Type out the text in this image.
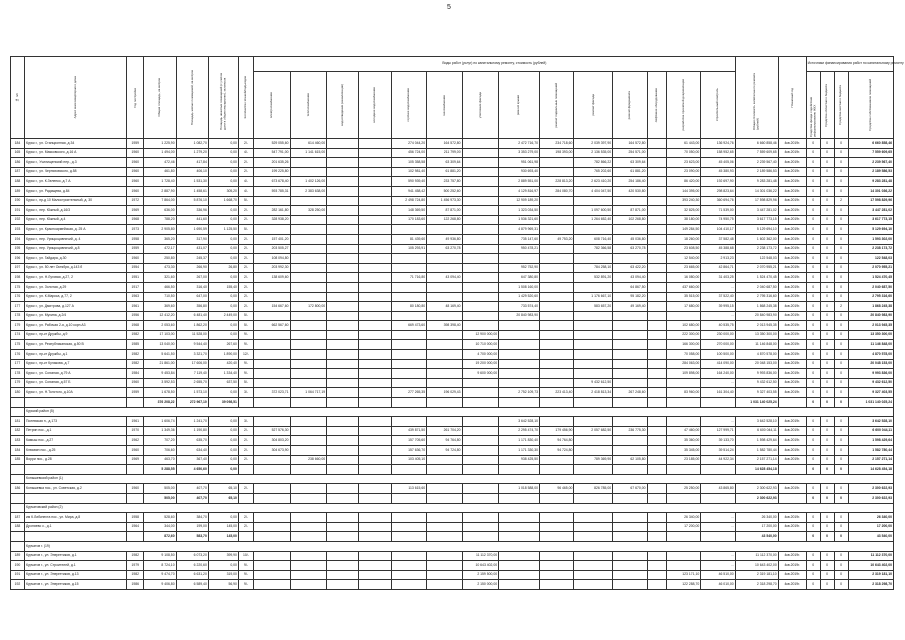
5
№ п/п	Адрес многоквартирного дома	Год постройки	Общая площадь, кв.метров	Площадь жилых помещений, кв.метров	Площадь нежилых помещений (с учетом доли в общем имуществе), кв.метров	Количество этажей/подъездов	Виды работ (услуг) по капитальному ремонту, стоимость (рублей)														Общая стоимость капитального ремонта (рублей)	Плановый год	Источники финансирования работ по капитальному ремонту			

							электроснабжение	теплоснабжение	водоотведение (канализация)	холодное водоснабжение	горячее водоснабжение	газоснабжение	утепление фасада	ремонт крыши	ремонт подвальных помещений	ремонт фасада	ремонт фундамента	лифтовое оборудование	разработка проектной документации	строительный контроль			Средства фонда содействия реформированию ЖКХ	Средства областного бюджета	Средства местного бюджета	Средства собственников помещений

184	Курск г., ул. Станционная, д.34	1959	1 225,90	1 082,70	0,00	2/-	529 055,60	614 460,00			274 044,20	164 572,80		2 472 716,70	234 718,60	2 039 397,90	164 572,80		61 443,00	136 924,76	6 660 858,46	4кв.2019г.	0	0	0	6 660 858,46
165	Курск г., ул. Маяковского, д.16 А	1960	1 494,00	1 279,20	0,00	4/-	547 791,00	1 141 615,00			456 724,00	211 799,00		3 353 279,00	198 393,00	2 136 535,00	254 571,00		70 050,00	158 952,65	7 559 609,65	4кв.2019г.	0	0	0	7 559 609,65
186	Курск г., Училищенский пер., д.3	1960	472,46	417,84	0,00	2/-	201 635,26				105 358,58	63 309,64		951 061,98		782 866,22	63 309,64		23 623,00	45 405,06	2 239 567,40	4кв.2019г.	0	0	0	2 239 567,40
187	Курск г., ул. Черняховского, д.58	1960	461,80	406,10	0,00	2/-	199 225,80				102 981,40	61 881,20		930 693,40		765 202,60	61 881,20		23 090,00	45 380,93	2 189 586,53	4кв.2019г.	0	0	0	2 189 586,53
188	Курск г., ул. К.Зеленко, д.7 А	1960	1 728,40	1 531,30	0,00	4/-	673 678,40	1 402 126,00			590 939,40	233 757,80		2 889 551,00	228 813,20	2 623 410,20	254 186,40		86 420,00	192 697,90	9 283 281,48	4кв.2019г.	0	0	0	9 283 281,48
189	Курск г., ул. Радищева, д.84	1960	2 887,90	1 458,61	305,20	4/-	593 785,31	2 383 638,00			941 458,42	500 252,60		4 129 816,97	284 080,70	4 404 047,50	420 530,80		144 395,00	298 823,64	14 301 036,22	4кв.2019г.	0	0	0	14 301 036,22
190	Курск г., пр-д 10 Малостроительный, д. 30	1972	7 864,00	5 876,10	1 668,70	5/-					2 498 724,80	1 456 973,30		12 909 189,20					393 240,30	360 694,76	17 598 829,96	4кв.2019г.	0	0	2	17 598 829,96
191	Курск г., пер. Южный, д.16/3	1969	636,00	336,96	0,00	2/-	282 161,80	328 250,00			148 369,50	87 871,00		1 323 034,50		1 097 600,50	87 871,00		32 825,00	71 539,00	3 447 281,02	4кв.2019г.	0	0	0	3 447 281,02
192	Курск г., пер. Южный, д.4	1968	788,20	441,60	0,00	2/-	328 938,20				170 183,60	122 268,80		1 536 321,60		1 264 652,40	102 268,80		38 180,00	74 950,75	3 617 773,15	4кв.2019г.	0	0	0	3 617 773,15
193	Курск г., ул. Красноармейская, д. 25 А	1973	2 905,80	1 690,59	1 125,50	5/-								4 879 969,31					149 284,50	104 410,17	5 129 694,10	4кв.2019г.	0	0	0	5 129 694,10
194	Курск г., пер. Урицкоцовничий, д. 4	1958	365,20	317,90	0,00	2/-	157 401,20				81 439,60	49 936,80		735 147,60	49 753,20	608 716,40	45 036,80		18 260,00	37 582,48	1 602 362,00	4кв.2019г.	0	0	0	1 593 302,00
195	Курск г., пер. Урицкоцовничий, д.8	1959	472,17	431,07	0,00	2/-	203 505,27				105 293,91	63 270,78		950 478,21		782 366,58	63 270,78		23 608,50	45 388,68	2 238 173,72	4кв.2019г.	0	0	0	2 238 173,72
196	Курск г., ул. Гайдара, д.30	1960	250,80	245,37	0,00	2/-	108 094,80												12 540,00	2 913,23	122 548,03	4кв.2019г.	0	0	0	122 548,03
197	Курск г., ул. 50 лет Октября, д.143 б	1954	473,30	266,90	26,80	2/-	203 992,30							952 752,90		784 258,10	63 422,20		23 665,00	42 864,71	2 070 955,21	4кв.2019г.	0	0	0	2 070 955,21
198	Курск г., ул. Н.Луговая, д.27, 2	1951	321,60	267,00	0,00	2/-	138 609,60				71 716,80	43 094,40		647 380,80		532 891,20	43 094,40		16 080,00	31 403,25	1 524 470,45	4кв.2019г.	0	0	0	1 524 470,45
175	Курск г., ул. Золотая, д.29	1917	466,50	316,40	155,40	2/-								1 508 160,00			64 867,50		437 660,00	...	2 040 687,50	4кв.2019г.	0	0	0	2 040 687,50
176	Курск г., ул. К.Маркса, д.77, 2	1963	710,50	647,00	0,00	2/-								1 429 520,60		1 176 667,10	95 182,20		35 515,00	37 522,40	2 795 316,60	4кв.2019г.	0	0	0	2 795 316,60
177	Курск г., ул. Дмитрова, д.127 А	1961	369,60	356,80	0,00	2/-	154 667,60	172 800,00			80 180,80	48 169,40		733 574,40		583 657,20	49 169,40		17 680,00	39 995,15	1 868 245,38	4кв.2019г.	0	0	2	1 868 245,38
178	Курск г., ул. Мухина, д.2/4	1956	12 412,20	6 481,40	2 449,00	5/-								20 840 983,90						...	20 840 983,90	4кв.2019г.	0	0	0	20 840 983,90
179	Курск г., ул. Рабочая 2-я, д.10 корп.А3	1968	2 053,60	1 862,20	0,00	5/-	662 567,60				669 473,60	398 398,40							102 680,00	40 535,75	2 013 945,35	4кв.2019г.	0	0	0	2 013 945,35
174	Курск г., пр-кт Дружбы, д.9	1982	17 103,00	11 528,00	0,00	9/-							12 900 000,00						222 300,00	230 000,00	13 350 300,00	4кв.2019г.	0	0	0	13 350 300,00
175	Курск г., ул. Республиканская, д.50 В	1985	13 040,00	9 544,40	267,60	9/-							10 710 000,00						166 300,00	270 000,00	11 146 848,00	4кв.2019г.	0	0	0	11 146 848,00
176	Курск г., пр-кт Дружбы, д.1	1982	5 641,50	3 321,70	1 890,00	12/-							4 700 000,00						70 058,00	100 500,00	4 870 578,00	4кв.2019г.	0	0	0	4 870 578,00
177	Курск г., пр-кт Кулакова, д.7	1982	21 861,00	17 606,00	420,40	9/-							19 200 000,00						284 063,00	414 090,00	20 048 153,00	4кв.2019г.	0	0	0	20 048 153,00
178	Курск г., ул. Союзная, д.79 А	1984	9 453,84	7 119,40	1 334,40	9/-							9 600 000,00						109 898,00	164 240,00	9 993 836,00	4кв.2019г.	0	0	0	9 993 836,00
179	Курск г., ул. Союзная, д.57 Б	1960	3 592,53	2 655,70	637,50	5/-										9 432 612,50				...	9 432 612,50	4кв.2019г.	0	0	0	9 432 612,50
180	Курск г., ул. Н.Толстого, д.10А	1959	1 678,50	1 573,10	0,00	3/-	372 023,71	1 064 717,19			277 265,35	196 029,43		2 752 109,73	223 413,40	2 418 813,34	267 248,60		83 960,00	161 304,40	9 327 403,55	4кв.2019г.	0	0	0	9 327 403,55
			376 208,22	272 967,10	39 098,51																1 031 140 025,24		0	0	0	1 031 140 025,24
	Курский район (5)																									
181	Полевская п., д.173	1961	1 606,74	1 241,70	0,00	3/-								3 642 528,10						...	3 642 528,10	4кв.2019г.	0	0	0	3 642 528,10
182	Петрин пос., д.1	1970	1 349,36	1 190,80	0,00	2/-	527 576,30				439 871,50	261 704,20		2 295 474,70	179 456,90	2 057 682,50	236 775,30		47 460,00	127 999,71	6 600 044,11	4кв.2019г.	0	0	0	6 600 044,11
183	Камыш пос., д.27	1962	707,20	635,70	0,00	2/-	304 803,20				157 705,60	94 764,80		1 171 830,40	94 764,80				35 360,00	39 133,70	1 598 429,64	4кв.2019г.	0	0	0	1 598 429,64
184	Клюквин пос., д.25	1960	706,60	634,40	0,00	2/-	304 673,90				157 636,70	94 724,80		1 171 330,30	94 724,80				35 345,00	39 514,24	1 582 780,44	4кв.2019г.	0	0	0	1 582 780,44
185	Ворри пос., д.28	1969	463,70	367,40	0,00	2/-		238 660,00			103 405,10			938 425,50		789 369,90	62 105,80		23 185,00	44 922,34	2 157 271,14	4кв.2019г.	0	0	0	2 157 271,14
			5 288,55	4 650,60	0,00																14 628 454,18		0	0	0	14 628 454,18
	Конышевский район (1)																									
186	Конышевка пос., ул. Советская, д.2	1960	505,00	407,70	65,10	2/-					113 615,60			1 018 588,00	96 465,00	826 785,00	67 670,00		25 250,00	43 865,80	2 300 622,93	4кв.2019г.	0	0	0	2 300 622,93
			505,00	407,70	65,10																2 300 622,93		0	0	0	2 300 622,93
	Курчатовский район (2)																									
187	им К.Либкнехта пос., ул. Мира, д.8	1958	528,60	384,70	0,00	2/-													26 340,00	...	26 340,00	4кв.2019г.	0	0	0	26 340,00
188	Дроняево с., д.1	1964	344,00	199,00	145,00	2/-													17 200,00	...	17 200,00	4кв.2019г.	0	0	0	17 200,00
			872,60	583,70	145,00																43 540,00		0	0	0	43 540,00
	Курчатов г. (19)																									
189	Курчатов г., ул. Энергетиков, д.1	1982	9 108,50	6 073,20	399,90	10/-							11 112 370,00							...	11 112 370,00	4кв.2019г.	0	0	0	11 112 370,00
190	Курчатов г., ул. Строителей, д.1	1979	8 724,10	6 220,60	0,00	9/-							10 643 402,00							...	10 643 402,00	4кв.2019г.	0	0	0	10 643 402,00
191	Курчатов г., ул. Энергетиков, д.13	1982	9 474,70	6 631,20	319,00	9/-							2 159 500,00						123 171,10	46 510,00	2 319 181,10	4кв.2019г.	0	0	0	2 319 181,10
192	Курчатов г., ул. Энергетиков, д.15	1986	9 406,80	6 589,40	56,90	9/-							2 150 000,00						122 288,70	46 010,00	2 318 298,70	4кв.2019г.	0	0	0	2 318 298,70
